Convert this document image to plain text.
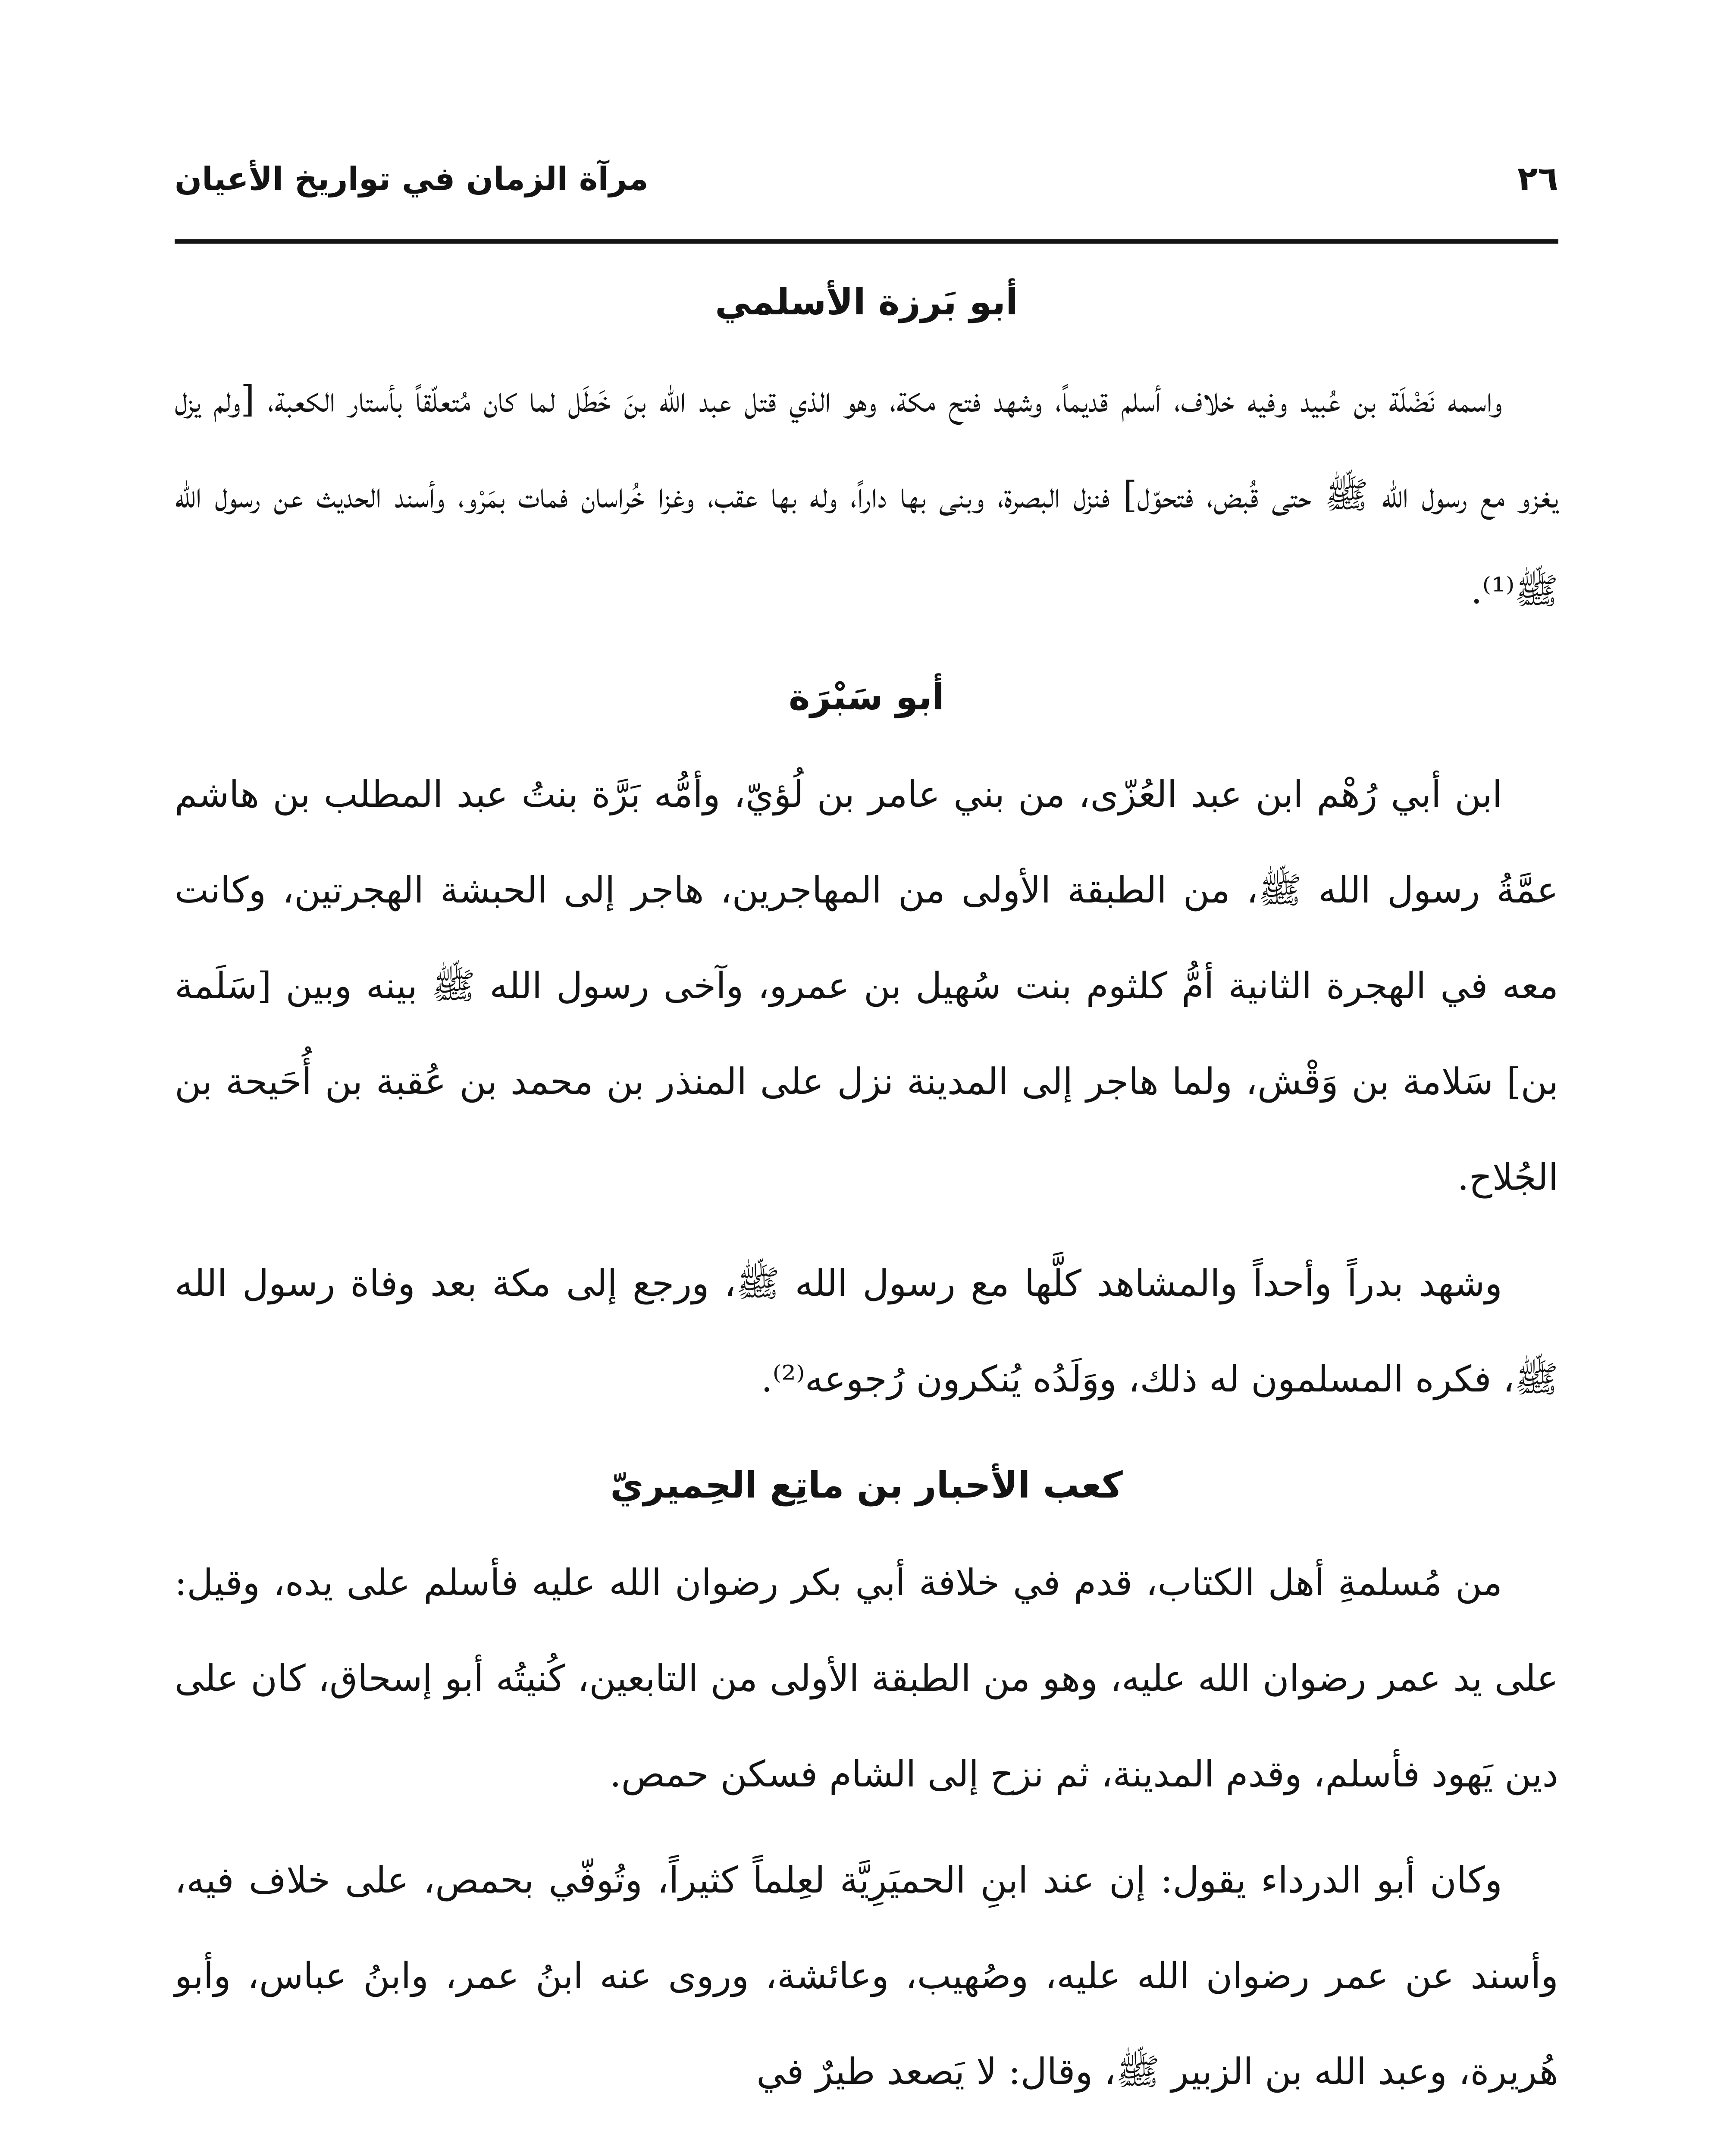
٢٦
مرآة الزمان في تواريخ الأعيان
أبو بَرزة الأسلمي

واسمه نَضْلَة بن عُبيد وفيه خلاف، أسلم قديماً، وشهد فتح مكة، وهو الذي قتل عبد الله بنَ خَطَل لما كان مُتعلّقاً بأستار الكعبة، [ولم يزل يغزو مع رسول الله ﷺ حتى قُبض، فتحوّل] فنزل البصرة، وبنى بها داراً، وله بها عقب، وغزا خُراسان فمات بمَرْو، وأسند الحديث عن رسول الله ﷺ⁽¹⁾.

أبو سَبْرَة

ابن أبي رُهْم ابن عبد العُزّى، من بني عامر بن لُؤيّ، وأمُّه بَرَّة بنتُ عبد المطلب بن هاشم عمَّةُ رسول الله ﷺ، من الطبقة الأولى من المهاجرين، هاجر إلى الحبشة الهجرتين، وكانت معه في الهجرة الثانية أمُّ كلثوم بنت سُهيل بن عمرو، وآخى رسول الله ﷺ بينه وبين [سَلَمة بن] سَلامة بن وَقْش، ولما هاجر إلى المدينة نزل على المنذر بن محمد بن عُقبة بن أُحَيحة بن الجُلاح.

وشهد بدراً وأحداً والمشاهد كلَّها مع رسول الله ﷺ، ورجع إلى مكة بعد وفاة رسول الله ﷺ، فكره المسلمون له ذلك، ووَلَدُه يُنكرون رُجوعه⁽²⁾.

كعب الأحبار بن ماتِع الحِميريّ

من مُسلمةِ أهل الكتاب، قدم في خلافة أبي بكر رضوان الله عليه فأسلم على يده، وقيل: على يد عمر رضوان الله عليه، وهو من الطبقة الأولى من التابعين، كُنيتُه أبو إسحاق، كان على دين يَهود فأسلم، وقدم المدينة، ثم نزح إلى الشام فسكن حمص.

وكان أبو الدرداء يقول: إن عند ابنِ الحميَرِيَّة لعِلماً كثيراً، وتُوفّي بحمص، على خلاف فيه، وأسند عن عمر رضوان الله عليه، وصُهيب، وعائشة، وروى عنه ابنُ عمر، وابنُ عباس، وأبو هُريرة، وعبد الله بن الزبير ﷺ، وقال: لا يَصعد طيرٌ في
